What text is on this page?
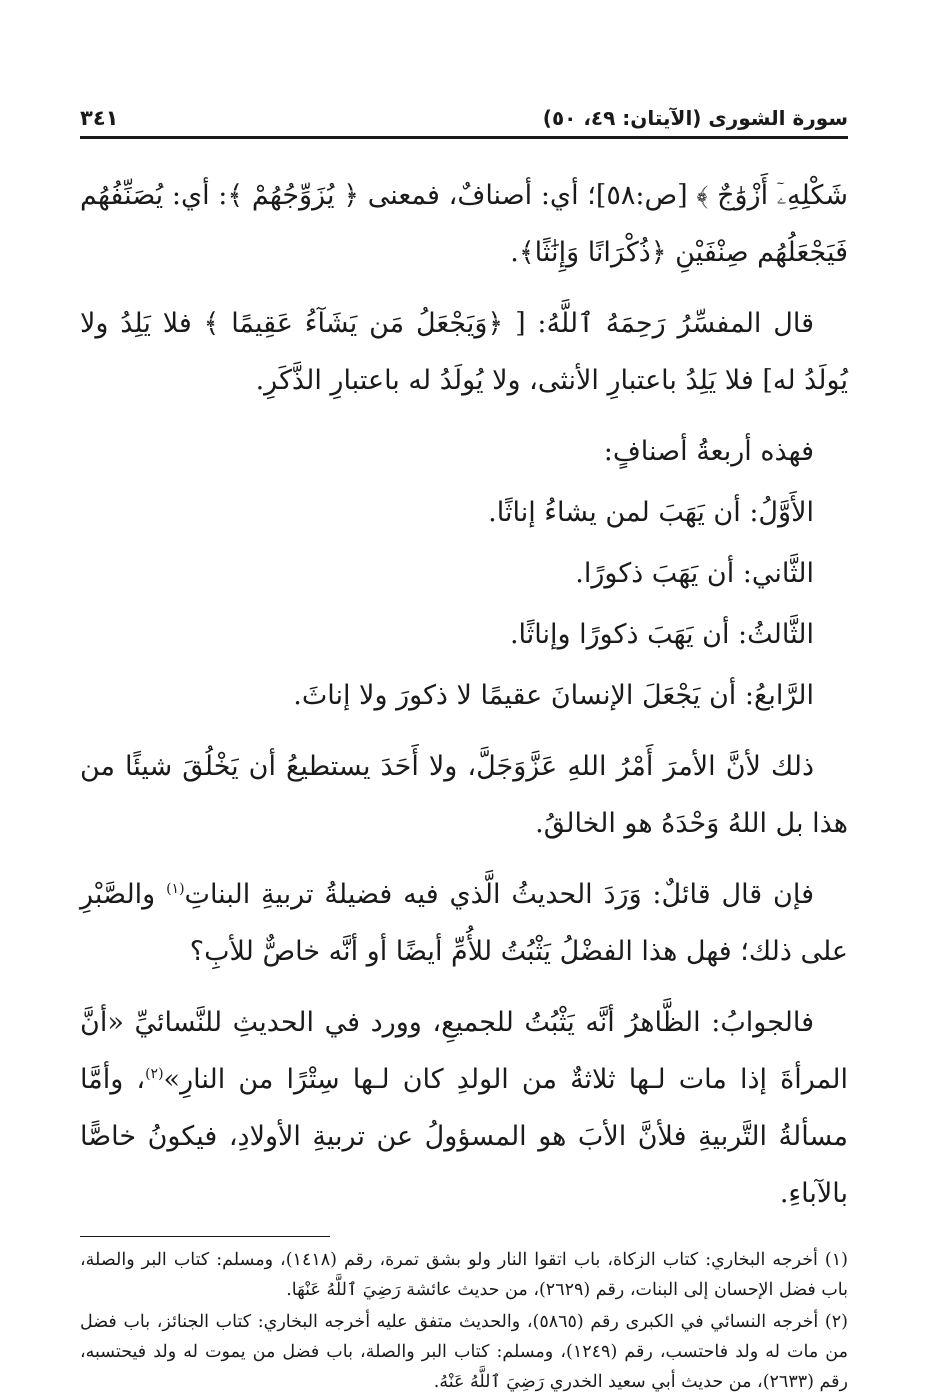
سورة الشورى (الآيتان: ٤٩، ٥٠)
٣٤١

شَكْلِهِۦٓ أَزْوَٰجٌ ﴾ [ص:٥٨]؛ أي: أصنافٌ، فمعنى ﴿ يُزَوِّجُهُمْ ﴾: أي: يُصَنِّفُهُم فَيَجْعَلُهُم صِنْفَيْنِ ﴿ذُكْرَانًا وَإِنَٰثًا﴾.

قال المفسِّرُ رَحِمَهُ ٱللَّهُ: [ ﴿وَيَجْعَلُ مَن يَشَآءُ عَقِيمًا ﴾ فلا يَلِدُ ولا يُولَدُ له] فلا يَلِدُ باعتبارِ الأنثى، ولا يُولَدُ له باعتبارِ الذَّكَرِ.

فهذه أربعةُ أصنافٍ:

الأَوَّلُ: أن يَهَبَ لمن يشاءُ إناثًا.

الثَّاني: أن يَهَبَ ذكورًا.

الثَّالثُ: أن يَهَبَ ذكورًا وإناثًا.

الرَّابعُ: أن يَجْعَلَ الإنسانَ عقيمًا لا ذكورَ ولا إناثَ.

ذلك لأنَّ الأمرَ أَمْرُ اللهِ عَزَّوَجَلَّ، ولا أَحَدَ يستطيعُ أن يَخْلُقَ شيئًا من هذا بل اللهُ وَحْدَهُ هو الخالقُ.

فإن قال قائلٌ: وَرَدَ الحديثُ الَّذي فيه فضيلةُ تربيةِ البناتِ$^{(١)}$ والصَّبْرِ على ذلك؛ فهل هذا الفضْلُ يَثْبُتُ للأُمِّ أيضًا أو أنَّه خاصٌّ للأبِ؟

فالجوابُ: الظَّاهرُ أنَّه يَثْبُتُ للجميعِ، وورد في الحديثِ للنَّسائيِّ «أنَّ المرأةَ إذا مات لـها ثلاثةٌ من الولدِ كان لـها سِتْرًا من النارِ»$^{(٢)}$، وأمَّا مسألةُ التَّربيةِ فلأنَّ الأبَ هو المسؤولُ عن تربيةِ الأولادِ، فيكونُ خاصًّا بالآباءِ.

(١) أخرجه البخاري: كتاب الزكاة، باب اتقوا النار ولو بشق تمرة، رقم (١٤١٨)، ومسلم: كتاب البر والصلة، باب فضل الإحسان إلى البنات، رقم (٢٦٢٩)، من حديث عائشة رَضِيَ ٱللَّهُ عَنْهَا.

(٢) أخرجه النسائي في الكبرى رقم (٥٨٦٥)، والحديث متفق عليه أخرجه البخاري: كتاب الجنائز، باب فضل من مات له ولد فاحتسب، رقم (١٢٤٩)، ومسلم: كتاب البر والصلة، باب فضل من يموت له ولد فيحتسبه، رقم (٢٦٣٣)، من حديث أبي سعيد الخدري رَضِيَ ٱللَّهُ عَنْهُ.
